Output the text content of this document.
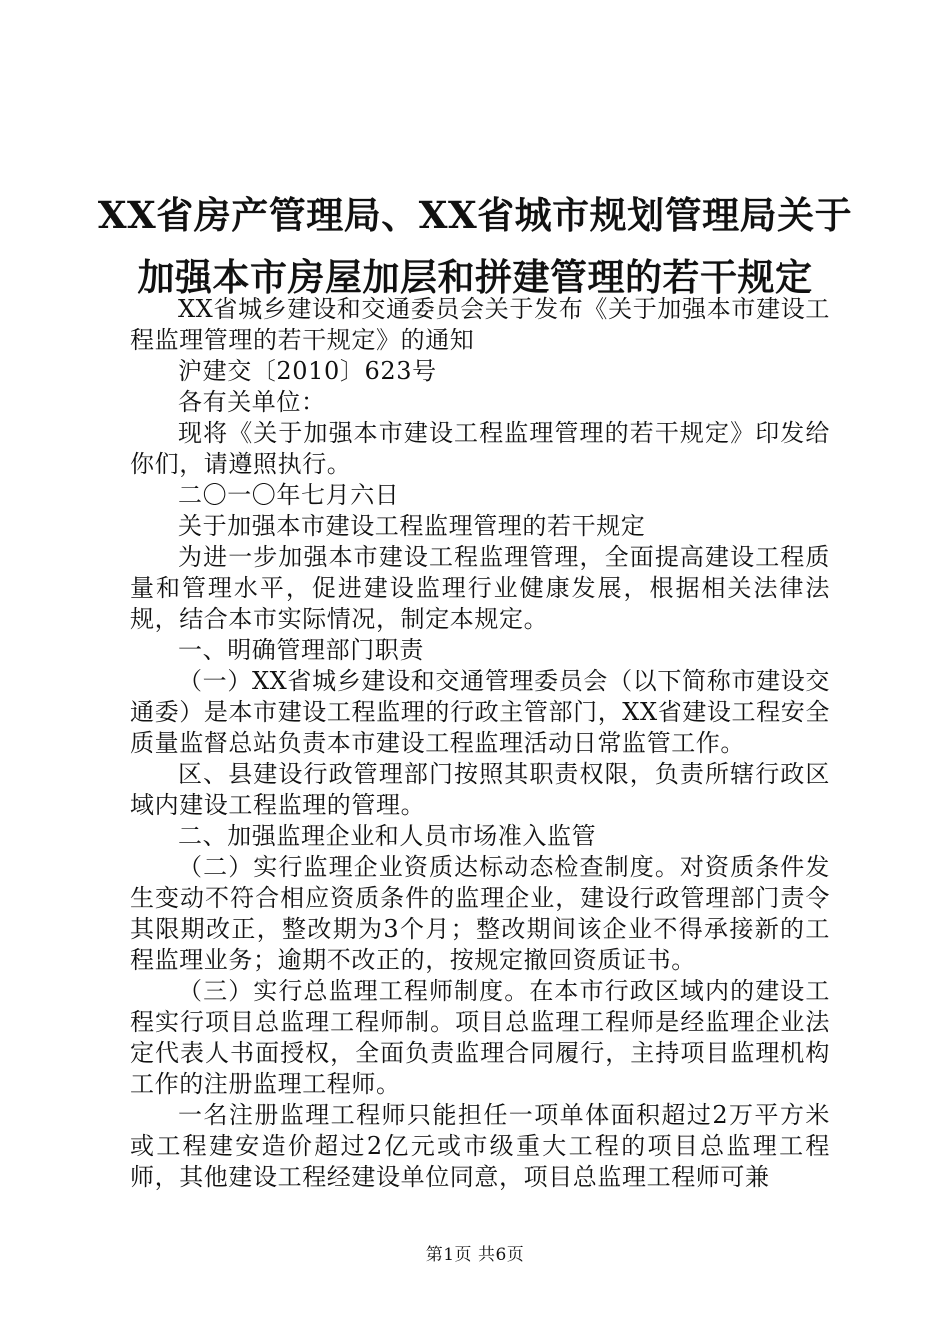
XX省房产管理局、XX省城市规划管理局关于
加强本市房屋加层和拼建管理的若干规定

XX省城乡建设和交通委员会关于发布《关于加强本市建设工程监理管理的若干规定》的通知

沪建交〔2010〕623号

各有关单位：

现将《关于加强本市建设工程监理管理的若干规定》印发给你们，请遵照执行。

二〇一〇年七月六日

关于加强本市建设工程监理管理的若干规定

为进一步加强本市建设工程监理管理，全面提高建设工程质量和管理水平，促进建设监理行业健康发展，根据相关法律法规，结合本市实际情况，制定本规定。

一、明确管理部门职责

（一）XX省城乡建设和交通管理委员会（以下简称市建设交通委）是本市建设工程监理的行政主管部门，XX省建设工程安全质量监督总站负责本市建设工程监理活动日常监管工作。

区、县建设行政管理部门按照其职责权限，负责所辖行政区域内建设工程监理的管理。

二、加强监理企业和人员市场准入监管

（二）实行监理企业资质达标动态检查制度。对资质条件发生变动不符合相应资质条件的监理企业，建设行政管理部门责令其限期改正，整改期为3个月；整改期间该企业不得承接新的工程监理业务；逾期不改正的，按规定撤回资质证书。

（三）实行总监理工程师制度。在本市行政区域内的建设工程实行项目总监理工程师制。项目总监理工程师是经监理企业法定代表人书面授权，全面负责监理合同履行，主持项目监理机构工作的注册监理工程师。

一名注册监理工程师只能担任一项单体面积超过2万平方米或工程建安造价超过2亿元或市级重大工程的项目总监理工程师，其他建设工程经建设单位同意，项目总监理工程师可兼

第1页 共6页
